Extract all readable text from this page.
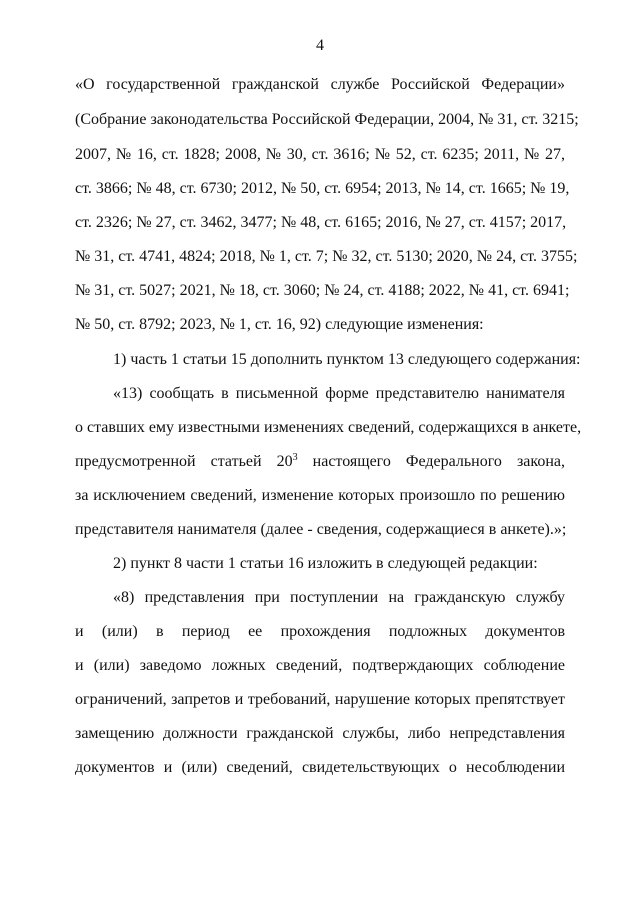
4
«О государственной гражданской службе Российской Федерации»
(Собрание законодательства Российской Федерации, 2004, № 31, ст. 3215;
2007, № 16, ст. 1828; 2008, № 30, ст. 3616; № 52, ст. 6235; 2011, № 27,
ст. 3866; № 48, ст. 6730; 2012, № 50, ст. 6954; 2013, № 14, ст. 1665; № 19,
ст. 2326; № 27, ст. 3462, 3477; № 48, ст. 6165; 2016, № 27, ст. 4157; 2017,
№ 31, ст. 4741, 4824; 2018, № 1, ст. 7; № 32, ст. 5130; 2020, № 24, ст. 3755;
№ 31, ст. 5027; 2021, № 18, ст. 3060; № 24, ст. 4188; 2022, № 41, ст. 6941;
№ 50, ст. 8792; 2023, № 1, ст. 16, 92) следующие изменения:
1) часть 1 статьи 15 дополнить пунктом 13 следующего содержания:
«13) сообщать в письменной форме представителю нанимателя
о ставших ему известными изменениях сведений, содержащихся в анкете,
предусмотренной статьей $20^3$ настоящего Федерального закона,
за исключением сведений, изменение которых произошло по решению
представителя нанимателя (далее - сведения, содержащиеся в анкете).»;
2) пункт 8 части 1 статьи 16 изложить в следующей редакции:
«8) представления при поступлении на гражданскую службу
и (или) в период ее прохождения подложных документов
и (или) заведомо ложных сведений, подтверждающих соблюдение
ограничений, запретов и требований, нарушение которых препятствует
замещению должности гражданской службы, либо непредставления
документов и (или) сведений, свидетельствующих о несоблюдении
